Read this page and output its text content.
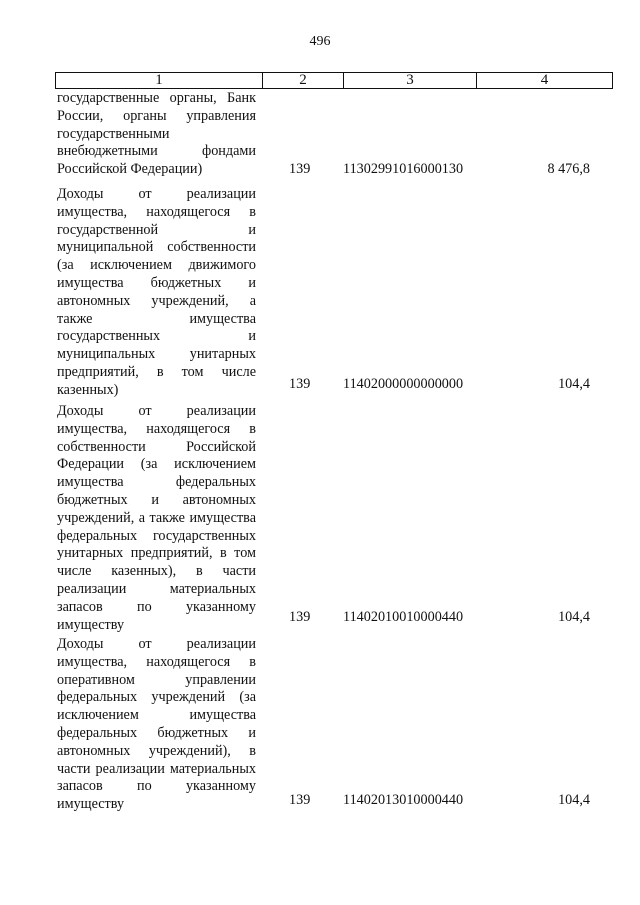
496
1	2	3	4
государственные органы, Банк России, органы управления государственными внебюджетными фондами Российской Федерации)	139 11302991016000130	8 476,8
Доходы от реализации имущества, находящегося в государственной и муниципальной собственности (за исключением движимого имущества бюджетных и автономных учреждений, а также имущества государственных и муниципальных унитарных предприятий, в том числе казенных)	139 11402000000000000	104,4
Доходы от реализации имущества, находящегося в собственности Российской Федерации (за исключением имущества федеральных бюджетных и автономных учреждений, а также имущества федеральных государственных унитарных предприятий, в том числе казенных), в части реализации материальных запасов по указанному имуществу	139 11402010010000440	104,4
Доходы от реализации имущества, находящегося в оперативном управлении федеральных учреждений (за исключением имущества федеральных бюджетных и автономных учреждений), в части реализации материальных запасов по указанному имуществу	139 11402013010000440	104,4
